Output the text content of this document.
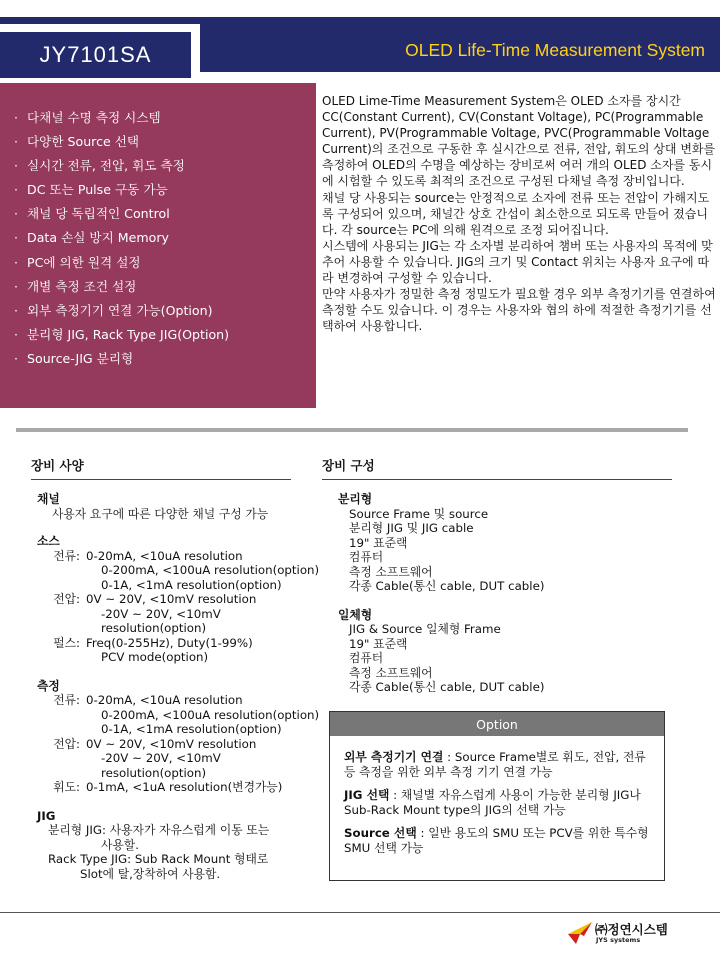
JY7101SA	OLED Life-Time Measurement System
· 다채널 수명 측정 시스템
· 다양한 Source 선택
· 실시간 전류, 전압, 휘도 측정
· DC 또는 Pulse 구동 가능
· 채널 당 독립적인 Control
· Data 손실 방지 Memory
· PC에 의한 원격 설정
· 개별 측정 조건 설정
· 외부 측정기기 연결 가능(Option)
· 분리형 JIG, Rack Type JIG(Option)
· Source-JIG 분리형

OLED Lime-Time Measurement System은 OLED 소자를 장시간 CC(Constant Current), CV(Constant Voltage), PC(Programmable Current), PV(Programmable Voltage, PVC(Programmable Voltage Current)의 조건으로 구동한 후 실시간으로 전류, 전압, 휘도의 상대 변화를 측정하여 OLED의 수명을 예상하는 장비로써 여러 개의 OLED 소자를 동시에 시험할 수 있도록 최적의 조건으로 구성된 다채널 측정 장비입니다.

채널 당 사용되는 source는 안정적으로 소자에 전류 또는 전압이 가해지도록 구성되어 있으며, 채널간 상호 간섭이 최소한으로 되도록 만들어 졌습니다. 각 source는 PC에 의해 원격으로 조정 되어집니다.

시스템에 사용되는 JIG는 각 소자별 분리하여 챔버 또는 사용자의 목적에 맞추어 사용할 수 있습니다. JIG의 크기 및 Contact 위치는 사용자 요구에 따라 변경하여 구성할 수 있습니다.

만약 사용자가 정밀한 측정 정밀도가 필요할 경우 외부 측정기기를 연결하여 측정할 수도 있습니다. 이 경우는 사용자와 협의 하에 적절한 측정기기를 선택하여 사용합니다.

장비 사양	장비 구성
채널
사용자 요구에 따른 다양한 채널 구성 가능
소스
전류: 0-20mA, <10uA resolution
0-200mA, <100uA resolution(option)
0-1A, <1mA resolution(option)
전압: 0V ~ 20V, <10mV resolution
-20V ~ 20V, <10mV resolution(option)
펄스: Freq(0-255Hz), Duty(1-99%)
PCV mode(option)
측정
전류: 0-20mA, <10uA resolution
0-200mA, <100uA resolution(option)
0-1A, <1mA resolution(option)
전압: 0V ~ 20V, <10mV resolution
-20V ~ 20V, <10mV resolution(option)
휘도: 0-1mA, <1uA resolution(변경가능)
JIG
분리형 JIG: 사용자가 자유스럽게 이동 또는
사용할.
Rack Type JIG: Sub Rack Mount 형태로
Slot에 탈,장착하여 사용함.
분리형
Source Frame 및 source
분리형 JIG 및 JIG cable
19" 표준랙
컴퓨터
측정 소프트웨어
각종 Cable(통신 cable, DUT cable)
일체형
JIG & Source 일체형 Frame
19" 표준랙
컴퓨터
측정 소프트웨어
각종 Cable(통신 cable, DUT cable)
Option

외부 측정기기 연결 : Source Frame별로 휘도, 전압, 전류 등 측정을 위한 외부 측정 기기 연결 가능

JIG 선택 : 채널별 자유스럽게 사용이 가능한 분리형 JIG나 Sub-Rack Mount type의 JIG의 선택 가능

Source 선택 : 일반 용도의 SMU 또는 PCV를 위한 특수형 SMU 선택 가능

㈜정연시스템
JYS systems
